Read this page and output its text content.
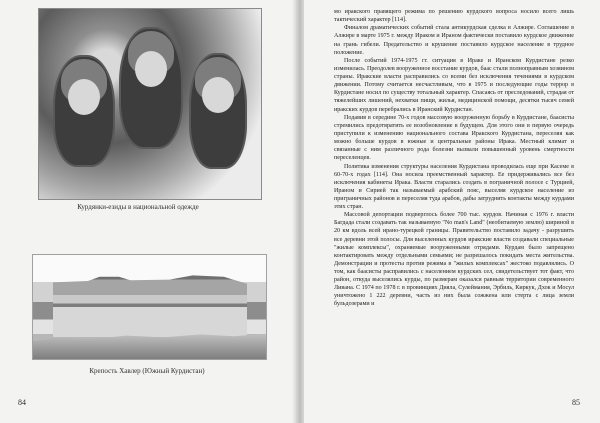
Курдянки-езиды в национальной одежде
Крепость Хавлер (Южный Курдистан)
84

мо иракского правящего режима по решению курдского вопроса носило всего лишь тактический характер [114].

Финалом драматических событий стала антикурдская сделка в Алжире. Соглашение в Алжире в марте 1975 г. между Ираком и Ираном фактически поставило курдское движение на грань гибели. Предательство и крушение поставило курдское население в трудное положение.

После событий 1974-1975 гг. ситуация в Ираке и Иранском Курдистане резко изменилась. Преодолев вооруженное восстание курдов, баас стали полноправным хозяином страны. Иракские власти расправились со всеми без исключения течениями в курдском движении. Потому считается несчастливым, что в 1975 и последующие годы террор в Курдистане носил по существу тотальный характер. Спасаясь от преследований, страдая от тяжелейших лишений, нехватки пищи, жилья, медицинской помощи, десятки тысяч семей иракских курдов перебрались в Иранский Курдистан.

Подавив в середине 70-х годов массовую вооруженную борьбу в Курдистане, баасисты стремились предотвратить ее возобновление в будущем. Для этого они в первую очередь приступили к изменению национального состава Иракского Курдистана, переселяя как можно больше курдов в южные и центральные районы Ирака. Местный климат и связанные с ним различного рода болезни вызвали повышенный уровень смертности переселенцев.

Политика изменения структуры населения Курдистана проводилась еще при Касеме в 60-70-х годах [114]. Она носила преемственный характер. Ее придерживались все без исключения кабинеты Ирака. Власти старались создать в пограничной полосе с Турцией, Ираном и Сирией так называемый арабский пояс, выселяя курдское население из приграничных районов и переселяя туда арабов, дабы затруднить контакты между курдами этих стран.

Массовой депортации подверглось более 700 тыс. курдов. Начиная с 1976 г. власти Багдада стали создавать так называемую "No man's Land" (необитаемую землю) шириной в 20 км вдоль всей ирано-турецкой границы. Правительство поставило задачу - разрушить все деревни этой полосы. Для выселенных курдов иракские власти создавали специальные "жилые комплексы", охраняемые вооруженными отрядами. Курдам было запрещено контактировать между отдельными семьями; не разрешалось покидать места жительства. Демонстрации и протесты против режима в "жилых комплексах" жестоко подавлялись. О том, как баасисты расправились с населением курдских сел, свидетельствует тот факт, что район, откуда выселялись курды, по размерам оказался равным территории современного Ливана. С 1974 по 1978 г. в провинциях Дияла, Сулеймания, Эрбиль, Киркук, Дхок и Мосул уничтожено 1 222 деревни, часть из них была сожжена или стерта с лица земли бульдозерами и

85
